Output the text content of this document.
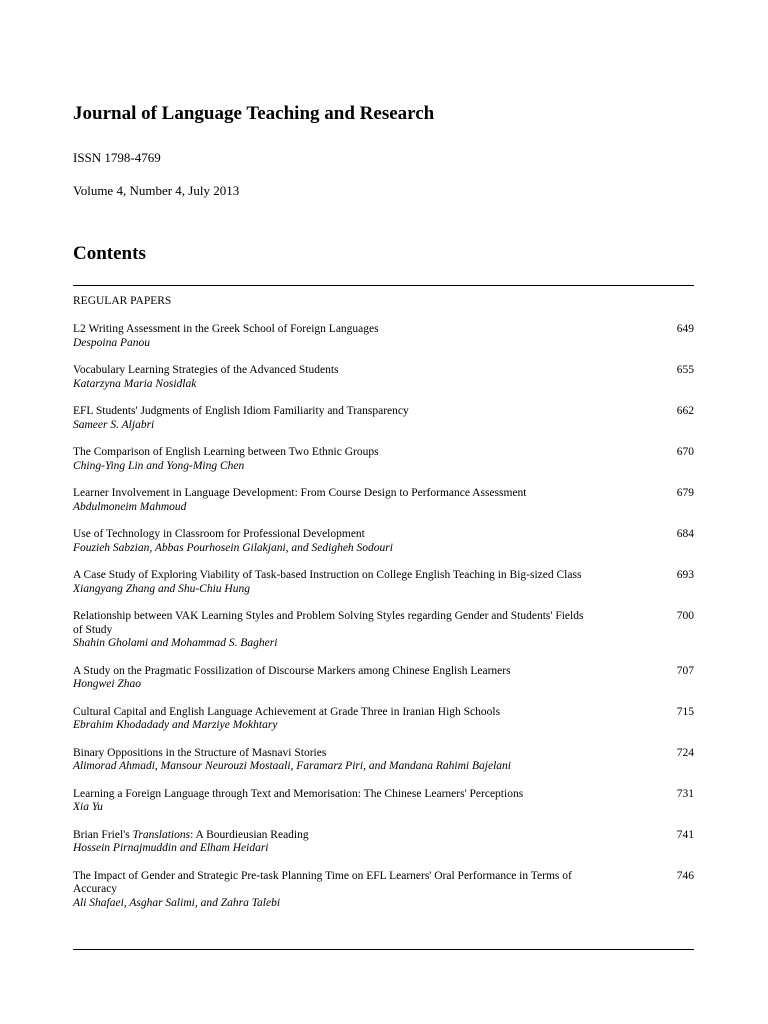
Journal of Language Teaching and Research
ISSN 1798-4769
Volume 4, Number 4, July 2013
Contents
REGULAR PAPERS
L2 Writing Assessment in the Greek School of Foreign Languages
Despoina Panou
649
Vocabulary Learning Strategies of the Advanced Students
Katarzyna Maria Nosidlak
655
EFL Students' Judgments of English Idiom Familiarity and Transparency
Sameer S. Aljabri
662
The Comparison of English Learning between Two Ethnic Groups
Ching-Ying Lin and Yong-Ming Chen
670
Learner Involvement in Language Development: From Course Design to Performance Assessment
Abdulmoneim Mahmoud
679
Use of Technology in Classroom for Professional Development
Fouzieh Sabzian, Abbas Pourhosein Gilakjani, and Sedigheh Sodouri
684
A Case Study of Exploring Viability of Task-based Instruction on College English Teaching in Big-sized Class
Xiangyang Zhang and Shu-Chiu Hung
693
Relationship between VAK Learning Styles and Problem Solving Styles regarding Gender and Students' Fields of Study
Shahin Gholami and Mohammad S. Bagheri
700
A Study on the Pragmatic Fossilization of Discourse Markers among Chinese English Learners
Hongwei Zhao
707
Cultural Capital and English Language Achievement at Grade Three in Iranian High Schools
Ebrahim Khodadady and Marziye Mokhtary
715
Binary Oppositions in the Structure of Masnavi Stories
Alimorad Ahmadi, Mansour Neurouzi Mostaali, Faramarz Piri, and Mandana Rahimi Bajelani
724
Learning a Foreign Language through Text and Memorisation: The Chinese Learners' Perceptions
Xia Yu
731
Brian Friel's Translations: A Bourdieusian Reading
Hossein Pirnajmuddin and Elham Heidari
741
The Impact of Gender and Strategic Pre-task Planning Time on EFL Learners' Oral Performance in Terms of Accuracy
Ali Shafaei, Asghar Salimi, and Zahra Talebi
746
